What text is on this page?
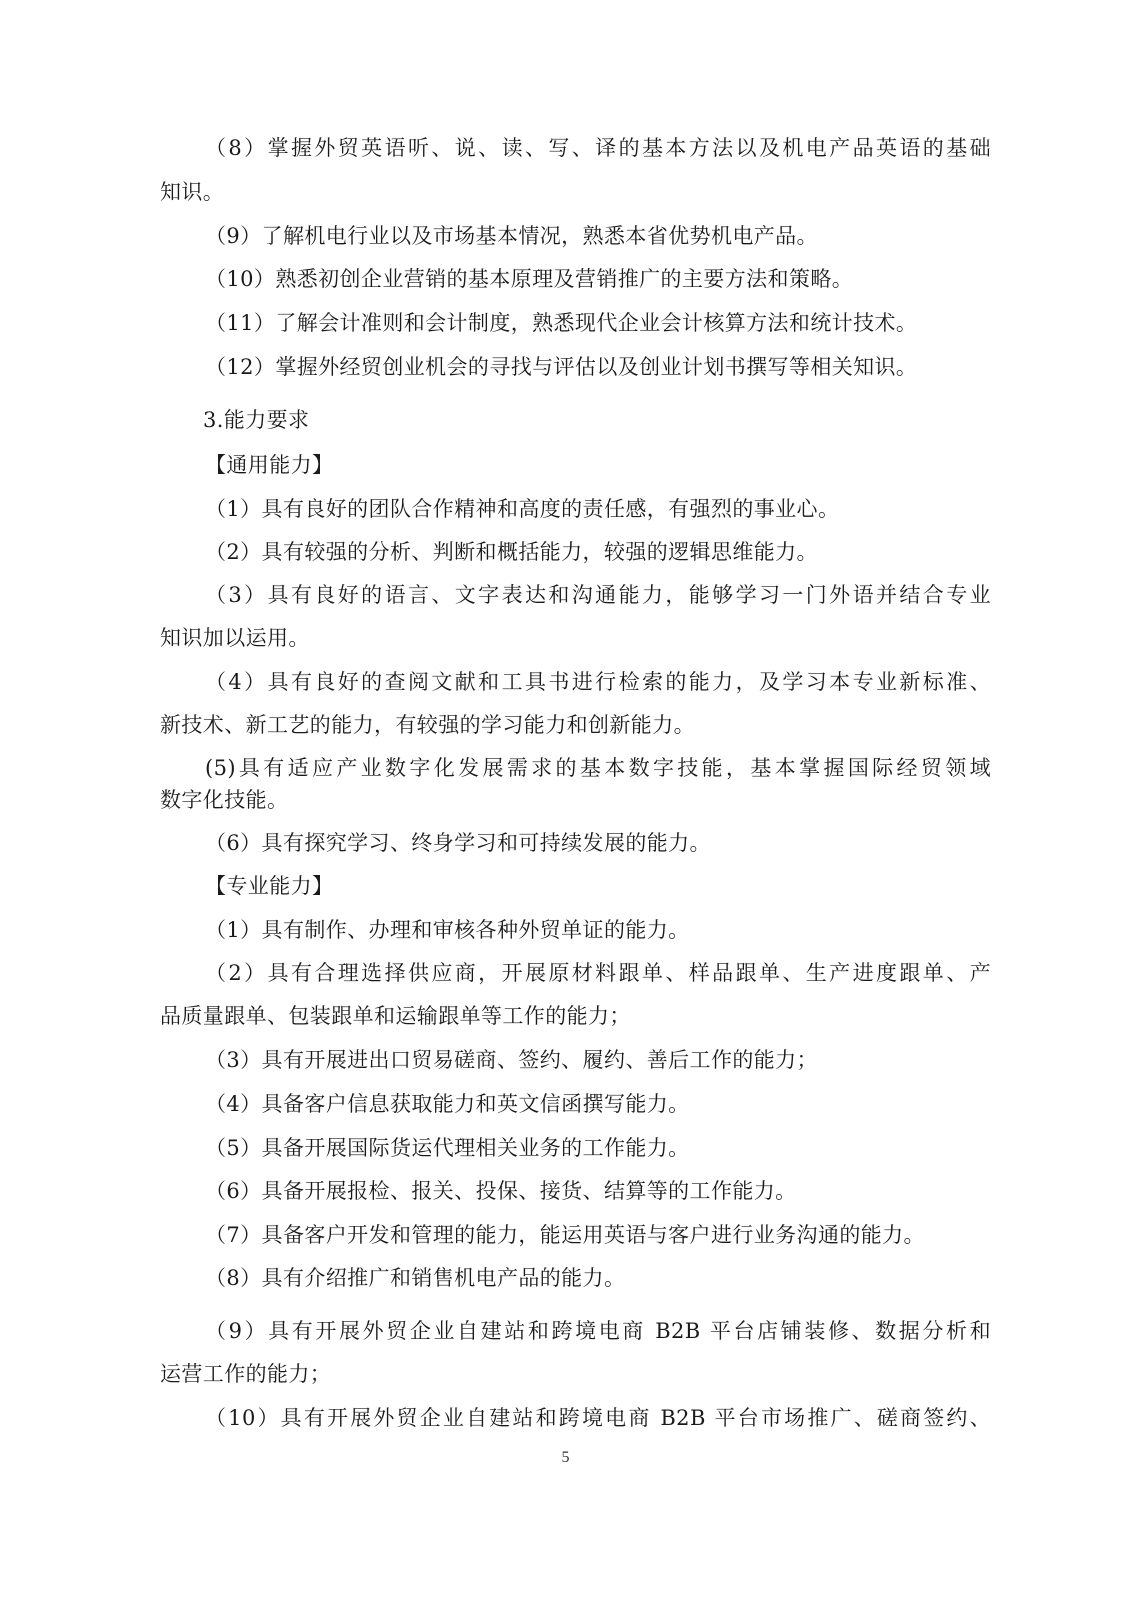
（8）掌握外贸英语听、说、读、写、译的基本方法以及机电产品英语的基础

知识。

（9）了解机电行业以及市场基本情况，熟悉本省优势机电产品。

（10）熟悉初创企业营销的基本原理及营销推广的主要方法和策略。

（11）了解会计准则和会计制度，熟悉现代企业会计核算方法和统计技术。

（12）掌握外经贸创业机会的寻找与评估以及创业计划书撰写等相关知识。

3.能力要求

【通用能力】

（1）具有良好的团队合作精神和高度的责任感，有强烈的事业心。

（2）具有较强的分析、判断和概括能力，较强的逻辑思维能力。

（3）具有良好的语言、文字表达和沟通能力，能够学习一门外语并结合专业

知识加以运用。

（4）具有良好的查阅文献和工具书进行检索的能力，及学习本专业新标准、

新技术、新工艺的能力，有较强的学习能力和创新能力。

(5)具有适应产业数字化发展需求的基本数字技能，基本掌握国际经贸领域

数字化技能。

（6）具有探究学习、终身学习和可持续发展的能力。

【专业能力】

（1）具有制作、办理和审核各种外贸单证的能力。

（2）具有合理选择供应商，开展原材料跟单、样品跟单、生产进度跟单、产

品质量跟单、包装跟单和运输跟单等工作的能力；

（3）具有开展进出口贸易磋商、签约、履约、善后工作的能力；

（4）具备客户信息获取能力和英文信函撰写能力。

（5）具备开展国际货运代理相关业务的工作能力。

（6）具备开展报检、报关、投保、接货、结算等的工作能力。

（7）具备客户开发和管理的能力，能运用英语与客户进行业务沟通的能力。

（8）具有介绍推广和销售机电产品的能力。

（9）具有开展外贸企业自建站和跨境电商 B2B 平台店铺装修、数据分析和

运营工作的能力；

（10）具有开展外贸企业自建站和跨境电商 B2B 平台市场推广、磋商签约、

5
